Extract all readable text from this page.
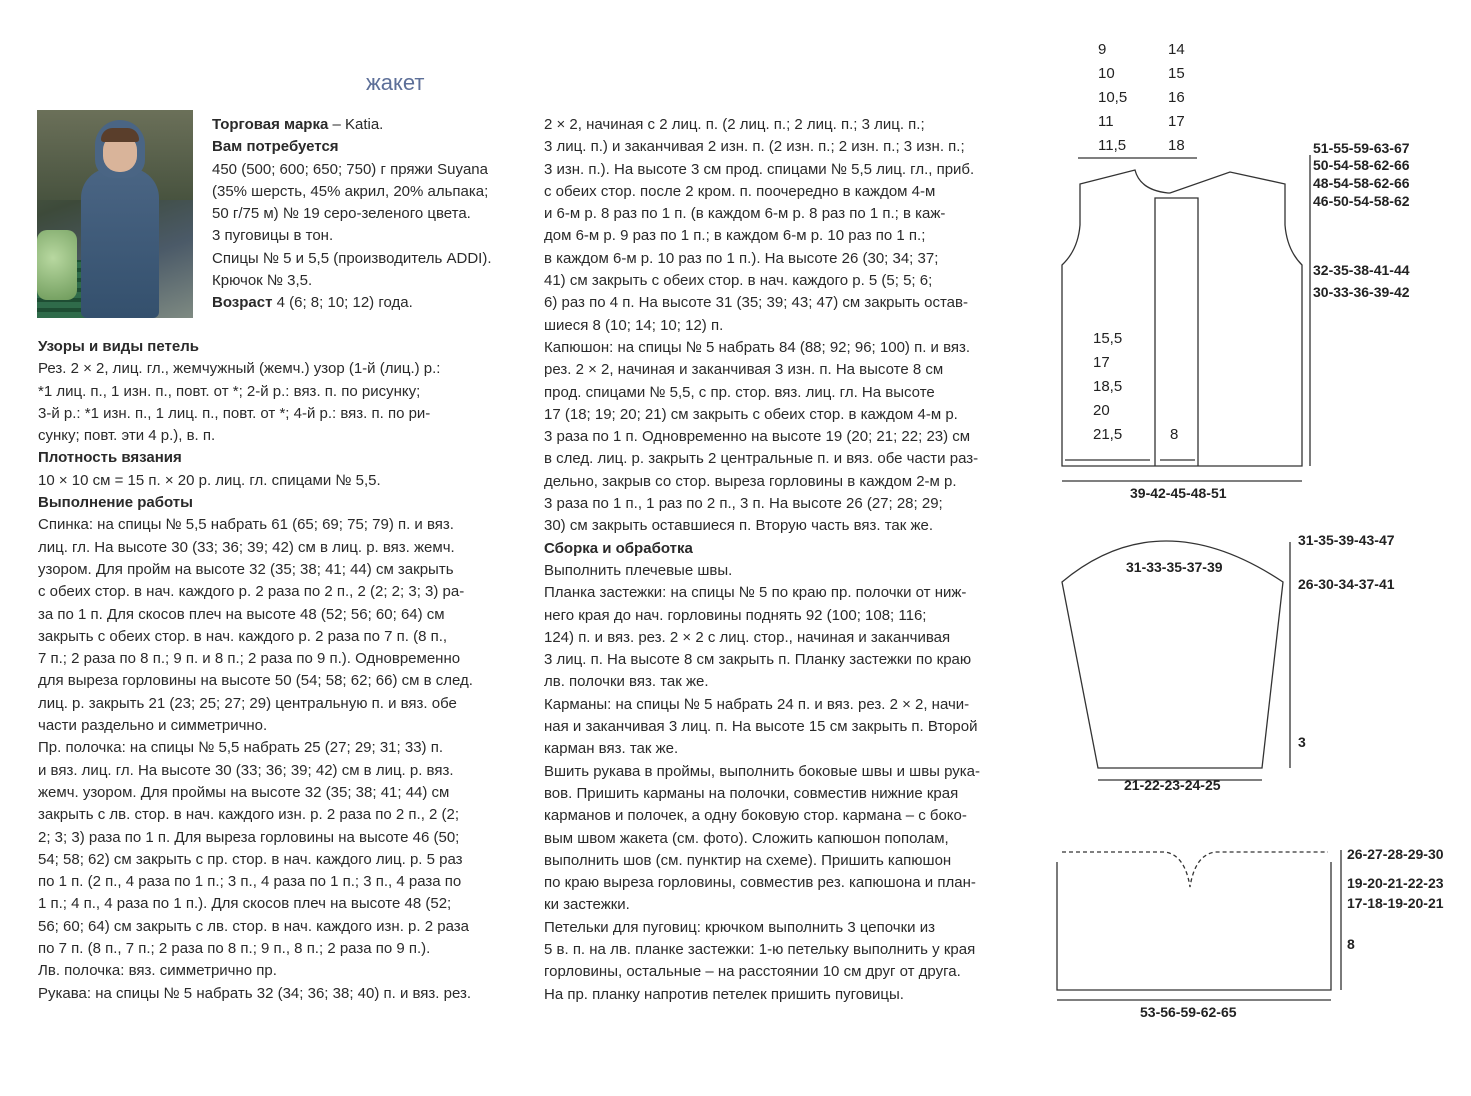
жакет
Торговая марка – Katia.
Вам потребуется
450 (500; 600; 650; 750) г пряжи Suyana
(35% шерсть, 45% акрил, 20% альпака;
50 г/75 м) № 19 серо-зеленого цвета.
3 пуговицы в тон.
Спицы № 5 и 5,5 (производитель ADDI).
Крючок № 3,5.
Возраст 4 (6; 8; 10; 12) года.
Узоры и виды петель
Рез. 2 × 2, лиц. гл., жемчужный (жемч.) узор (1-й (лиц.) р.:
*1 лиц. п., 1 изн. п., повт. от *; 2-й р.: вяз. п. по рисунку;
3-й р.: *1 изн. п., 1 лиц. п., повт. от *; 4-й р.: вяз. п. по ри-
сунку; повт. эти 4 р.), в. п.
Плотность вязания
10 × 10 см = 15 п. × 20 р. лиц. гл. спицами № 5,5.
Выполнение работы
Спинка: на спицы № 5,5 набрать 61 (65; 69; 75; 79) п. и вяз.
лиц. гл. На высоте 30 (33; 36; 39; 42) см в лиц. р. вяз. жемч.
узором. Для пройм на высоте 32 (35; 38; 41; 44) см закрыть
с обеих стор. в нач. каждого р. 2 раза по 2 п., 2 (2; 2; 3; 3) ра-
за по 1 п. Для скосов плеч на высоте 48 (52; 56; 60; 64) см
закрыть с обеих стор. в нач. каждого р. 2 раза по 7 п. (8 п.,
7 п.; 2 раза по 8 п.; 9 п. и 8 п.; 2 раза по 9 п.). Одновременно
для выреза горловины на высоте 50 (54; 58; 62; 66) см в след.
лиц. р. закрыть 21 (23; 25; 27; 29) центральную п. и вяз. обе
части раздельно и симметрично.
Пр. полочка: на спицы № 5,5 набрать 25 (27; 29; 31; 33) п.
и вяз. лиц. гл. На высоте 30 (33; 36; 39; 42) см в лиц. р. вяз.
жемч. узором. Для проймы на высоте 32 (35; 38; 41; 44) см
закрыть с лв. стор. в нач. каждого изн. р. 2 раза по 2 п., 2 (2;
2; 3; 3) раза по 1 п. Для выреза горловины на высоте 46 (50;
54; 58; 62) см закрыть с пр. стор. в нач. каждого лиц. р. 5 раз
по 1 п. (2 п., 4 раза по 1 п.; 3 п., 4 раза по 1 п.; 3 п., 4 раза по
1 п.; 4 п., 4 раза по 1 п.). Для скосов плеч на высоте 48 (52;
56; 60; 64) см закрыть с лв. стор. в нач. каждого изн. р. 2 раза
по 7 п. (8 п., 7 п.; 2 раза по 8 п.; 9 п., 8 п.; 2 раза по 9 п.).
Лв. полочка: вяз. симметрично пр.
Рукава: на спицы № 5 набрать 32 (34; 36; 38; 40) п. и вяз. рез.
2 × 2, начиная с 2 лиц. п. (2 лиц. п.; 2 лиц. п.; 3 лиц. п.;
3 лиц. п.) и заканчивая 2 изн. п. (2 изн. п.; 2 изн. п.; 3 изн. п.;
3 изн. п.). На высоте 3 см прод. спицами № 5,5 лиц. гл., приб.
с обеих стор. после 2 кром. п. поочередно в каждом 4-м
и 6-м р. 8 раз по 1 п. (в каждом 6-м р. 8 раз по 1 п.; в каж-
дом 6-м р. 9 раз по 1 п.; в каждом 6-м р. 10 раз по 1 п.;
в каждом 6-м р. 10 раз по 1 п.). На высоте 26 (30; 34; 37;
41) см закрыть с обеих стор. в нач. каждого р. 5 (5; 5; 6;
6) раз по 4 п. На высоте 31 (35; 39; 43; 47) см закрыть остав-
шиеся 8 (10; 14; 10; 12) п.
Капюшон: на спицы № 5 набрать 84 (88; 92; 96; 100) п. и вяз.
рез. 2 × 2, начиная и заканчивая 3 изн. п. На высоте 8 см
прод. спицами № 5,5, с пр. стор. вяз. лиц. гл. На высоте
17 (18; 19; 20; 21) см закрыть с обеих стор. в каждом 4-м р.
3 раза по 1 п. Одновременно на высоте 19 (20; 21; 22; 23) см
в след. лиц. р. закрыть 2 центральные п. и вяз. обе части раз-
дельно, закрыв со стор. выреза горловины в каждом 2-м р.
3 раза по 1 п., 1 раз по 2 п., 3 п. На высоте 26 (27; 28; 29;
30) см закрыть оставшиеся п. Вторую часть вяз. так же.
Сборка и обработка
Выполнить плечевые швы.
Планка застежки: на спицы № 5 по краю пр. полочки от ниж-
него края до нач. горловины поднять 92 (100; 108; 116;
124) п. и вяз. рез. 2 × 2 с лиц. стор., начиная и заканчивая
3 лиц. п. На высоте 8 см закрыть п. Планку застежки по краю
лв. полочки вяз. так же.
Карманы: на спицы № 5 набрать 24 п. и вяз. рез. 2 × 2, начи-
ная и заканчивая 3 лиц. п. На высоте 15 см закрыть п. Второй
карман вяз. так же.
Вшить рукава в проймы, выполнить боковые швы и швы рука-
вов. Пришить карманы на полочки, совместив нижние края
карманов и полочек, а одну боковую стор. кармана – с боко-
вым швом жакета (см. фото). Сложить капюшон пополам,
выполнить шов (см. пунктир на схеме). Пришить капюшон
по краю выреза горловины, совместив рез. капюшона и план-
ки застежки.
Петельки для пуговиц: крючком выполнить 3 цепочки из
5 в. п. на лв. планке застежки: 1-ю петельку выполнить у края
горловины, остальные – на расстоянии 10 см друг от друга.
На пр. планку напротив петелек пришить пуговицы.
9
10
10,5
11
11,5
14
15
16
17
18	51-55-59-63-67
50-54-58-62-66
48-54-58-62-66
46-50-54-58-62
32-35-38-41-44
30-33-36-39-42
15,5
17
18,5
20
21,5	8
39-42-45-48-51
31-33-35-37-39
31-35-39-43-47
26-30-34-37-41
3
21-22-23-24-25
26-27-28-29-30
19-20-21-22-23
17-18-19-20-21
8
53-56-59-62-65
